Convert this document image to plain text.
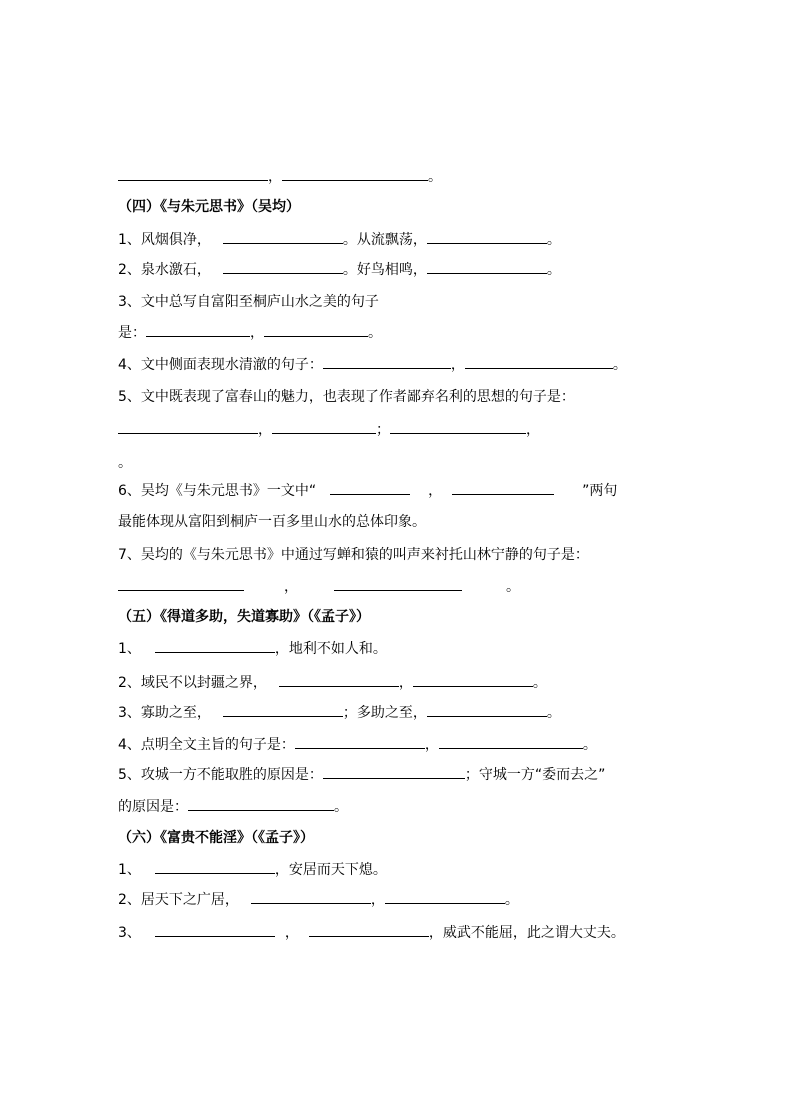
，	。
（四）《与朱元思书》（吴均）
1、风烟俱净，	。从流飘荡，	。
2、泉水激石，	。好鸟相鸣，	。
3、文中总写自富阳至桐庐山水之美的句子
是：	，	。
4、文中侧面表现水清澈的句子：	，	。
5、文中既表现了富春山的魅力，也表现了作者鄙弃名利的思想的句子是：
，	；	，
。
6、吴均《与朱元思书》一文中“	，	”两句
最能体现从富阳到桐庐一百多里山水的总体印象。
7、吴均的《与朱元思书》中通过写蝉和猿的叫声来衬托山林宁静的句子是：
，	。
（五）《得道多助，失道寡助》（《孟子》）
1、	，地利不如人和。
2、域民不以封疆之界，	，	。
3、寡助之至，	；多助之至，	。
4、点明全文主旨的句子是：	，	。
5、攻城一方不能取胜的原因是：	；守城一方“委而去之”
的原因是：	。
（六）《富贵不能淫》（《孟子》）
1、	，安居而天下熄。
2、居天下之广居，	，	。
3、	，	，威武不能屈，此之谓大丈夫。
